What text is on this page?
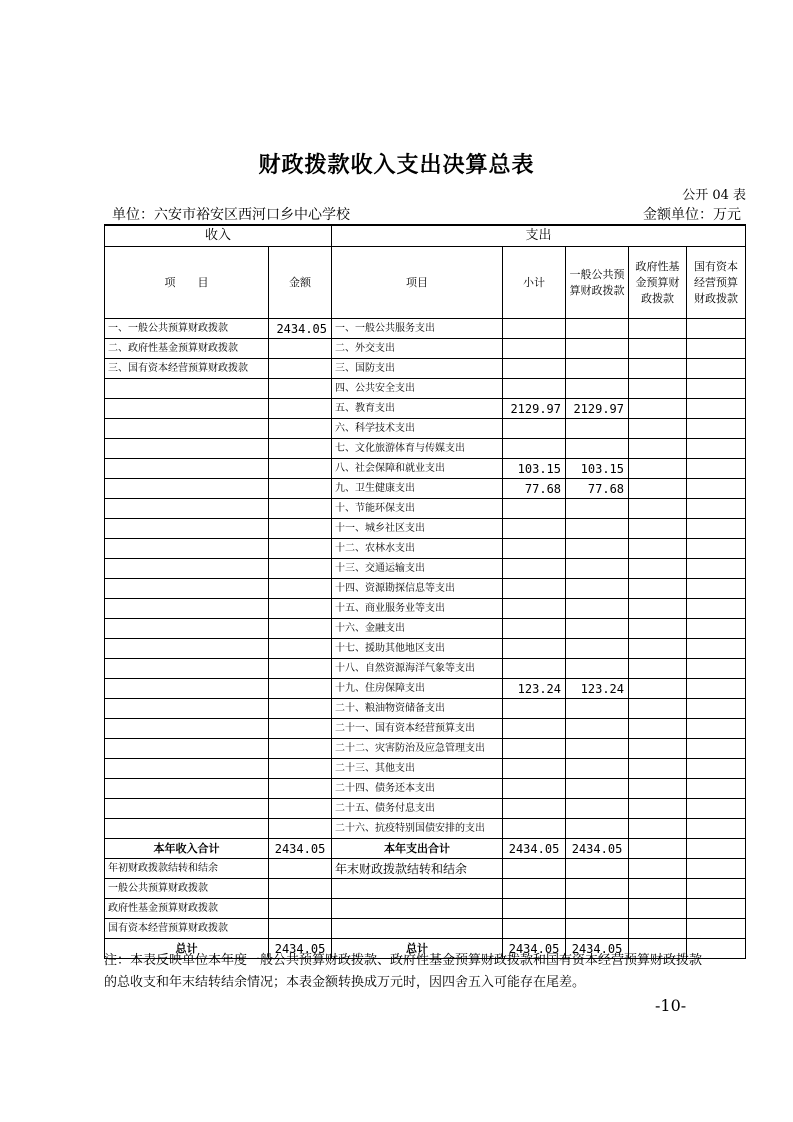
财政拨款收入支出决算总表
公开 04 表
单位：六安市裕安区西河口乡中心学校	金额单位：万元
收入		支出				
项　　目	金额	项目	小计	一般公共预算财政拨款	政府性基金预算财政拨款	国有资本经营预算财政拨款
一、一般公共预算财政拨款	2434.05	一、一般公共服务支出				
二、政府性基金预算财政拨款		二、外交支出				
三、国有资本经营预算财政拨款		三、国防支出				
		四、公共安全支出				
		五、教育支出	2129.97	2129.97		
		六、科学技术支出				
		七、文化旅游体育与传媒支出				
		八、社会保障和就业支出	103.15	103.15		
		九、卫生健康支出	77.68	77.68		
		十、节能环保支出				
		十一、城乡社区支出				
		十二、农林水支出				
		十三、交通运输支出				
		十四、资源勘探信息等支出				
		十五、商业服务业等支出				
		十六、金融支出				
		十七、援助其他地区支出				
		十八、自然资源海洋气象等支出				
		十九、住房保障支出	123.24	123.24		
		二十、粮油物资储备支出				
		二十一、国有资本经营预算支出				
		二十二、灾害防治及应急管理支出				
		二十三、其他支出				
		二十四、债务还本支出				
		二十五、债务付息支出				
		二十六、抗疫特别国债安排的支出				
本年收入合计	2434.05	本年支出合计	2434.05	2434.05		
年初财政拨款结转和结余		年末财政拨款结转和结余				
一般公共预算财政拨款						
政府性基金预算财政拨款						
国有资本经营预算财政拨款						
总计	2434.05	总计	2434.05	2434.05		
注：本表反映单位本年度一般公共预算财政拨款、政府性基金预算财政拨款和国有资本经营预算财政拨款的总收支和年末结转结余情况；本表金额转换成万元时，因四舍五入可能存在尾差。
-10-
